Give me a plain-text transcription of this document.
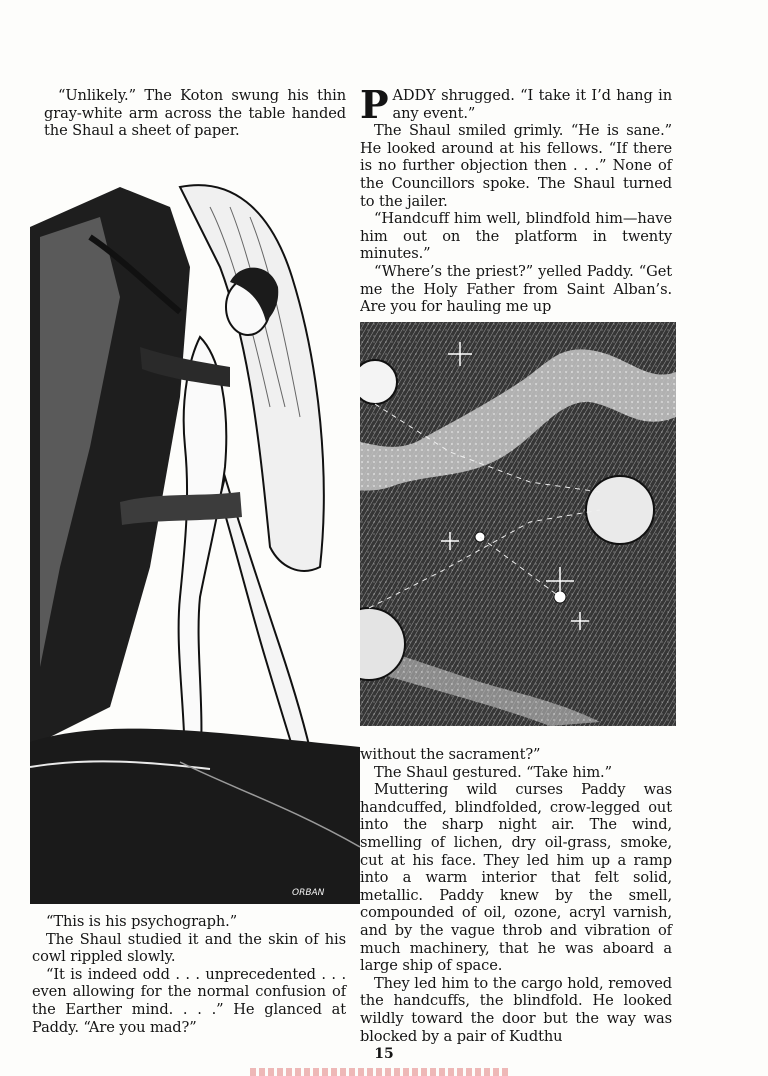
“Unlikely.” The Koton swung his thin gray-white arm across the table handed the Shaul a sheet of paper.

PADDY shrugged. “I take it I’d hang in any event.”

The Shaul smiled grimly. “He is sane.” He looked around at his fellows. “If there is no further objection then . . .” None of the Councillors spoke. The Shaul turned to the jailer.

“Handcuff him well, blindfold him—have him out on the platform in twenty minutes.”

“Where’s the priest?” yelled Paddy. “Get me the Holy Father from Saint Alban’s. Are you for hauling me up

ORBAN

without the sacrament?”

The Shaul gestured. “Take him.”

Muttering wild curses Paddy was handcuffed, blindfolded, crow-legged out into the sharp night air. The wind, smelling of lichen, dry oil-grass, smoke, cut at his face. They led him up a ramp into a warm interior that felt solid, metallic. Paddy knew by the smell, compounded of oil, ozone, acryl varnish, and by the vague throb and vibration of much machinery, that he was aboard a large ship of space.

They led him to the cargo hold, removed the handcuffs, the blindfold. He looked wildly toward the door but the way was blocked by a pair of Kudthu

“This is his psychograph.”

The Shaul studied it and the skin of his cowl rippled slowly.

“It is indeed odd . . . unprecedented . . . even allowing for the normal confusion of the Earther mind. . . .” He glanced at Paddy. “Are you mad?”

15
